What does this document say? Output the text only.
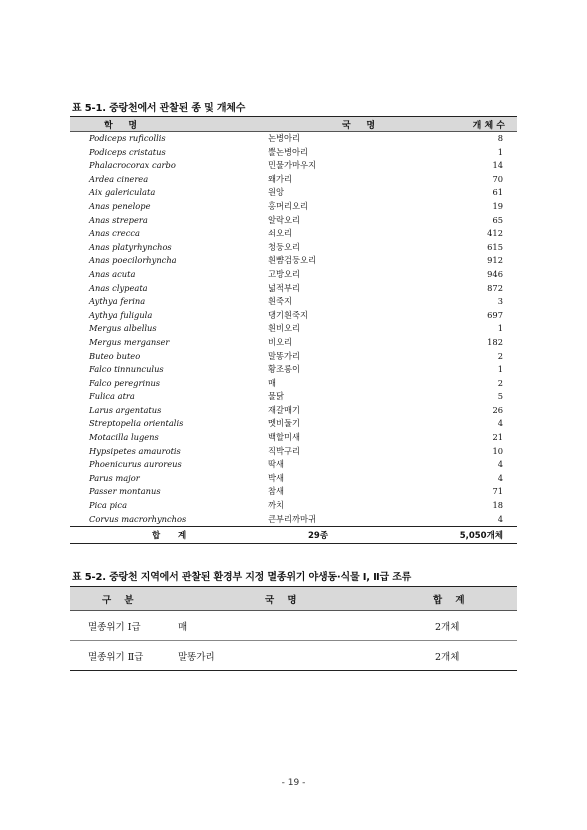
표 5-1. 중랑천에서 관찰된 종 및 개체수
학     명	국     명	개 체 수
Podiceps ruficollis	논병아리	8
Podiceps cristatus	뿔논병아리	1
Phalacrocorax carbo	민물가마우지	14
Ardea cinerea	왜가리	70
Aix galericulata	원앙	61
Anas penelope	홍머리오리	19
Anas strepera	알락오리	65
Anas crecca	쇠오리	412
Anas platyrhynchos	청둥오리	615
Anas poecilorhyncha	흰뺨검둥오리	912
Anas acuta	고방오리	946
Anas clypeata	넓적부리	872
Aythya ferina	흰죽지	3
Aythya fuligula	댕기흰죽지	697
Mergus albellus	흰비오리	1
Mergus merganser	비오리	182
Buteo buteo	말똥가리	2
Falco tinnunculus	황조롱이	1
Falco peregrinus	매	2
Fulica atra	물닭	5
Larus argentatus	재갈매기	26
Streptopelia orientalis	멧비둘기	4
Motacilla lugens	백할미새	21
Hypsipetes amaurotis	직박구리	10
Phoenicurus auroreus	딱새	4
Parus major	박새	4
Passer montanus	참새	71
Pica pica	까치	18
Corvus macrorhynchos	큰부리까마귀	4
합      계	29종	5,050개체
표 5-2. 중랑천 지역에서 관찰된 환경부 지정 멸종위기 야생동·식물 Ⅰ, Ⅱ급 조류
구    분	국    명	합    계
멸종위기 Ⅰ급	매	2개체
멸종위기 Ⅱ급	말똥가리	2개체
- 19 -
